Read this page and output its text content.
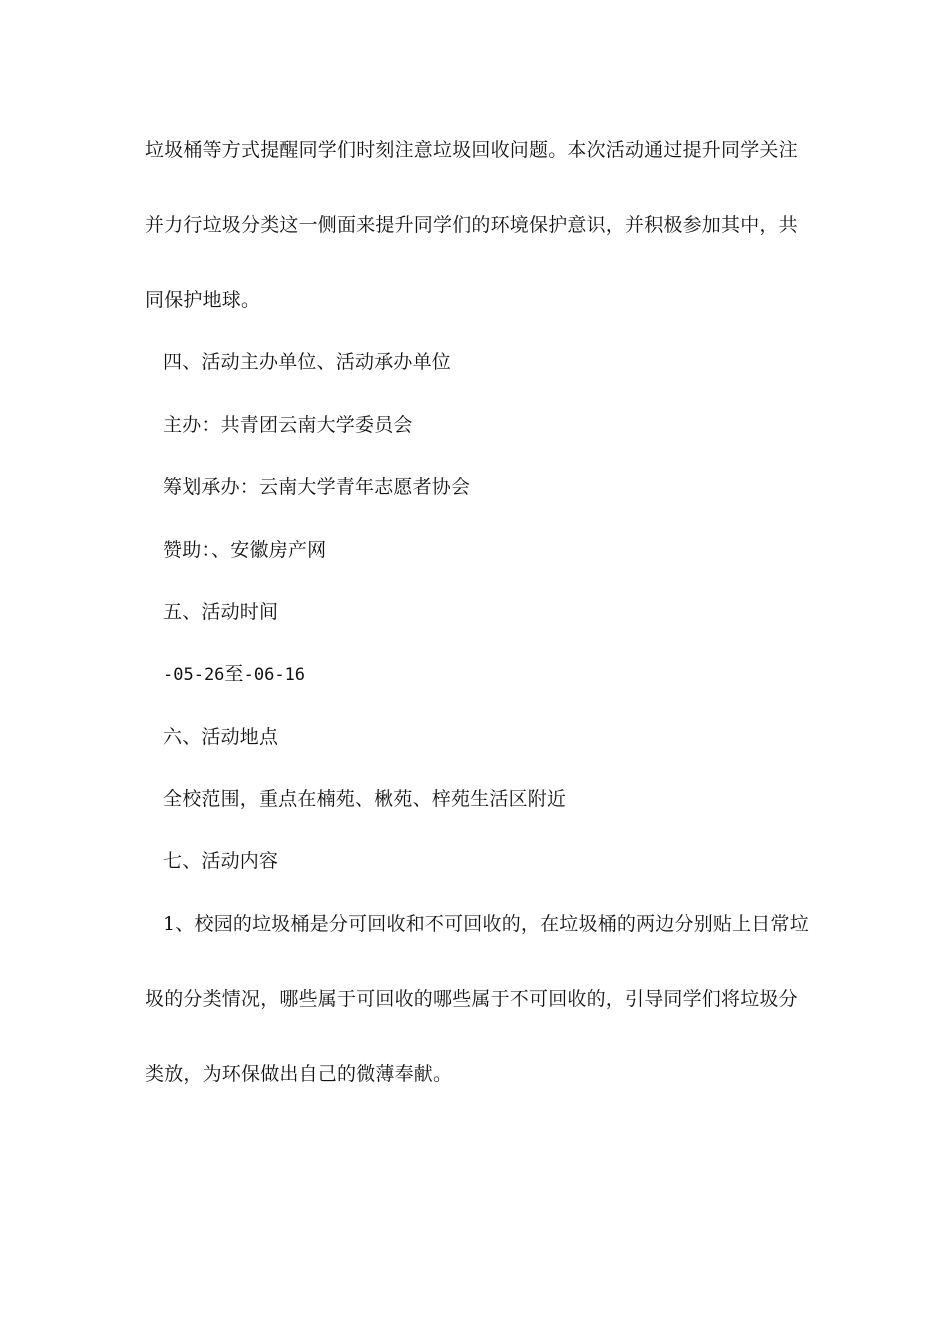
垃圾桶等方式提醒同学们时刻注意垃圾回收问题。本次活动通过提升同学关注
并力行垃圾分类这一侧面来提升同学们的环境保护意识，并积极参加其中，共
同保护地球。
四、活动主办单位、活动承办单位
主办：共青团云南大学委员会
筹划承办：云南大学青年志愿者协会
赞助：、安徽房产网
五、活动时间
-05-26至-06-16
六、活动地点
全校范围，重点在楠苑、楸苑、梓苑生活区附近
七、活动内容
1、校园的垃圾桶是分可回收和不可回收的，在垃圾桶的两边分别贴上日常垃
圾的分类情况，哪些属于可回收的哪些属于不可回收的，引导同学们将垃圾分
类放，为环保做出自己的微薄奉献。
